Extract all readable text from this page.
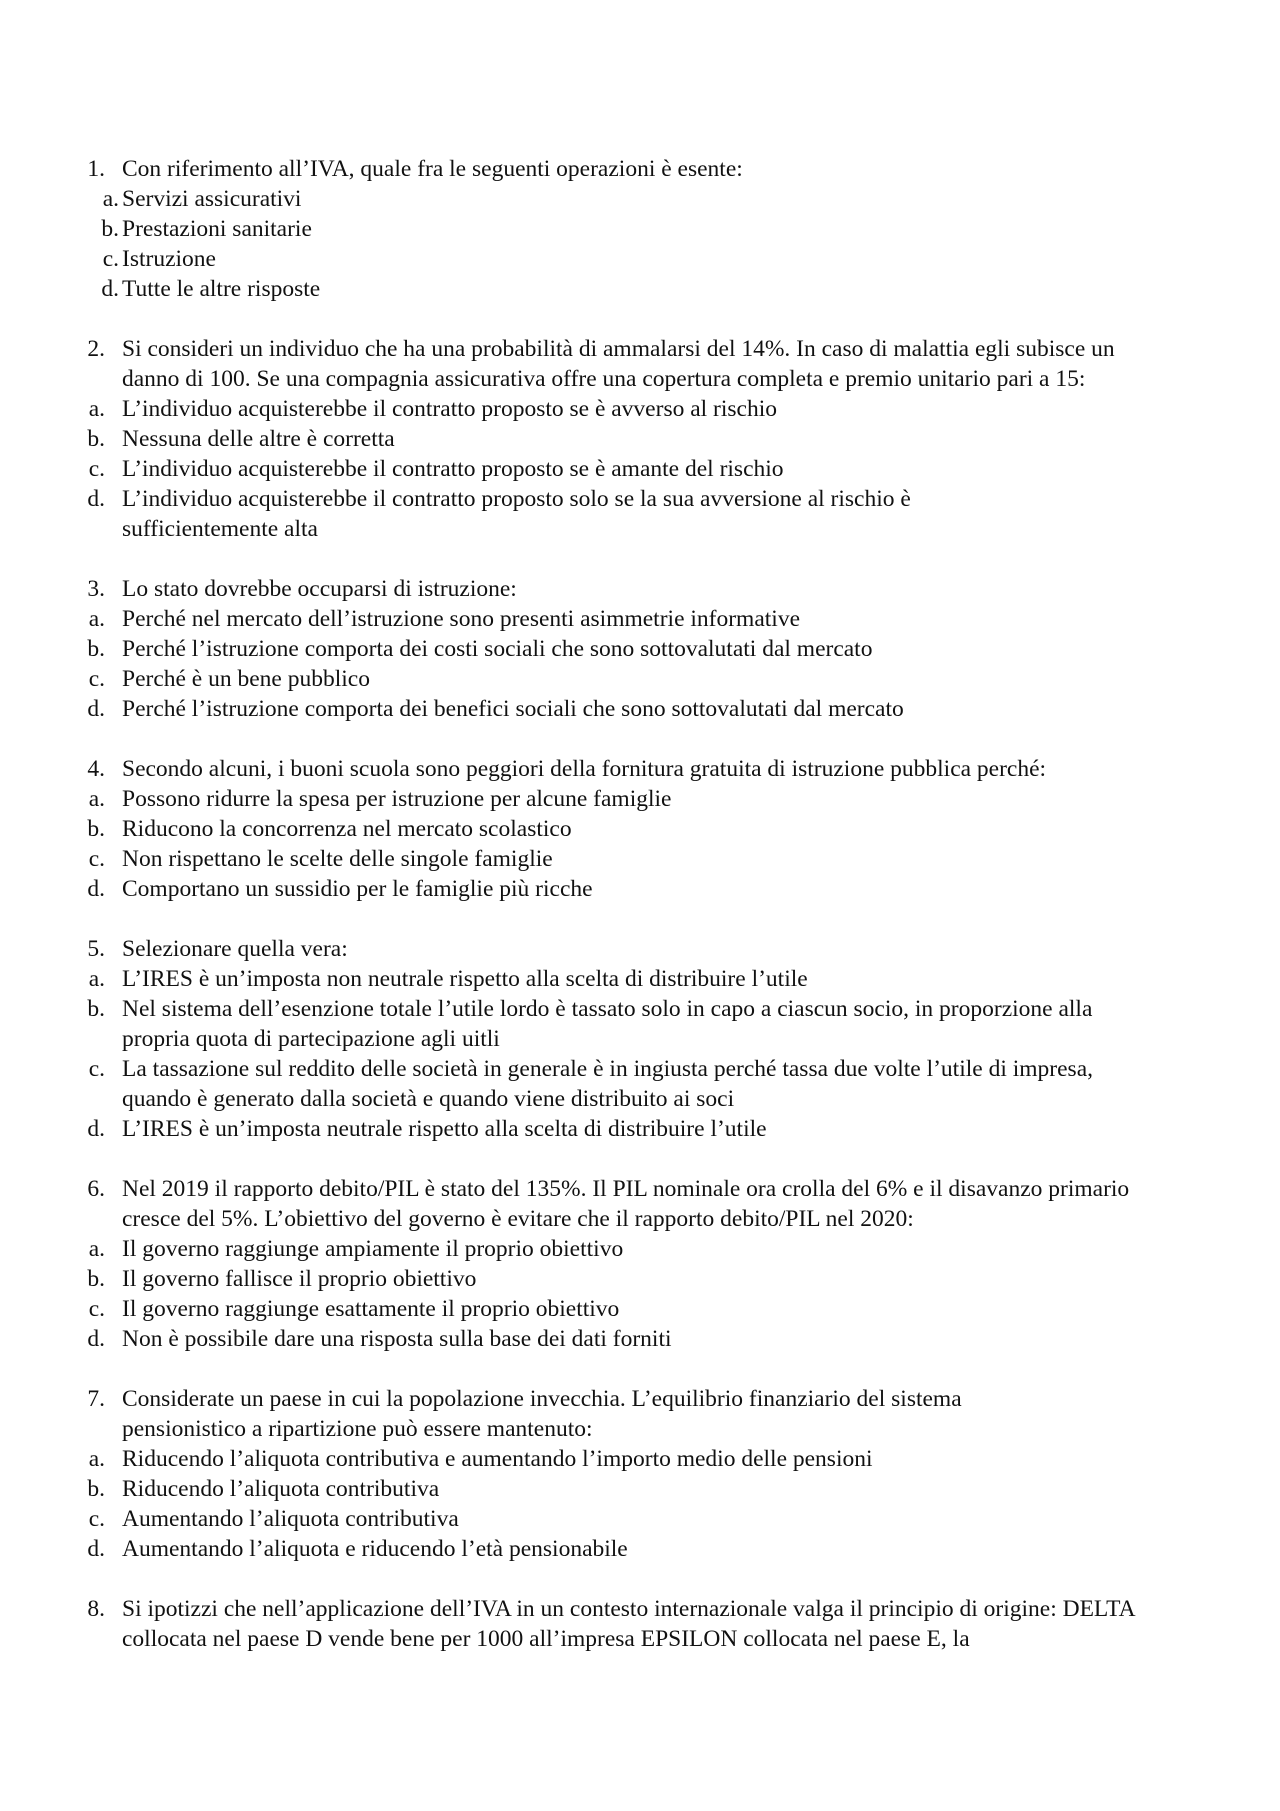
1. Con riferimento all’IVA, quale fra le seguenti operazioni è esente:
a. Servizi assicurativi
b. Prestazioni sanitarie
c. Istruzione
d. Tutte le altre risposte
2. Si consideri un individuo che ha una probabilità di ammalarsi del 14%. In caso di malattia egli subisce un danno di 100. Se una compagnia assicurativa offre una copertura completa e premio unitario pari a 15:
a. L’individuo acquisterebbe il contratto proposto se è avverso al rischio
b. Nessuna delle altre è corretta
c. L’individuo acquisterebbe il contratto proposto se è amante del rischio
d. L’individuo acquisterebbe il contratto proposto solo se la sua avversione al rischio è sufficientemente alta
3. Lo stato dovrebbe occuparsi di istruzione:
a. Perché nel mercato dell’istruzione sono presenti asimmetrie informative
b. Perché l’istruzione comporta dei costi sociali che sono sottovalutati dal mercato
c. Perché è un bene pubblico
d. Perché l’istruzione comporta dei benefici sociali che sono sottovalutati dal mercato
4. Secondo alcuni, i buoni scuola sono peggiori della fornitura gratuita di istruzione pubblica perché:
a. Possono ridurre la spesa per istruzione per alcune famiglie
b. Riducono la concorrenza nel mercato scolastico
c. Non rispettano le scelte delle singole famiglie
d. Comportano un sussidio per le famiglie più ricche
5. Selezionare quella vera:
a. L’IRES è un’imposta non neutrale rispetto alla scelta di distribuire l’utile
b. Nel sistema dell’esenzione totale l’utile lordo è tassato solo in capo a ciascun socio, in proporzione alla propria quota di partecipazione agli uitli
c. La tassazione sul reddito delle società in generale è in ingiusta perché tassa due volte l’utile di impresa, quando è generato dalla società e quando viene distribuito ai soci
d. L’IRES è un’imposta neutrale rispetto alla scelta di distribuire l’utile
6. Nel 2019 il rapporto debito/PIL è stato del 135%. Il PIL nominale ora crolla del 6% e il disavanzo primario cresce del 5%. L’obiettivo del governo è evitare che il rapporto debito/PIL nel 2020:
a. Il governo raggiunge ampiamente il proprio obiettivo
b. Il governo fallisce il proprio obiettivo
c. Il governo raggiunge esattamente il proprio obiettivo
d. Non è possibile dare una risposta sulla base dei dati forniti
7. Considerate un paese in cui la popolazione invecchia. L’equilibrio finanziario del sistema pensionistico a ripartizione può essere mantenuto:
a. Riducendo l’aliquota contributiva e aumentando l’importo medio delle pensioni
b. Riducendo l’aliquota contributiva
c. Aumentando l’aliquota contributiva
d. Aumentando l’aliquota e riducendo l’età pensionabile
8. Si ipotizzi che nell’applicazione dell’IVA in un contesto internazionale valga il principio di origine: DELTA collocata nel paese D vende bene per 1000 all’impresa EPSILON collocata nel paese E, la
